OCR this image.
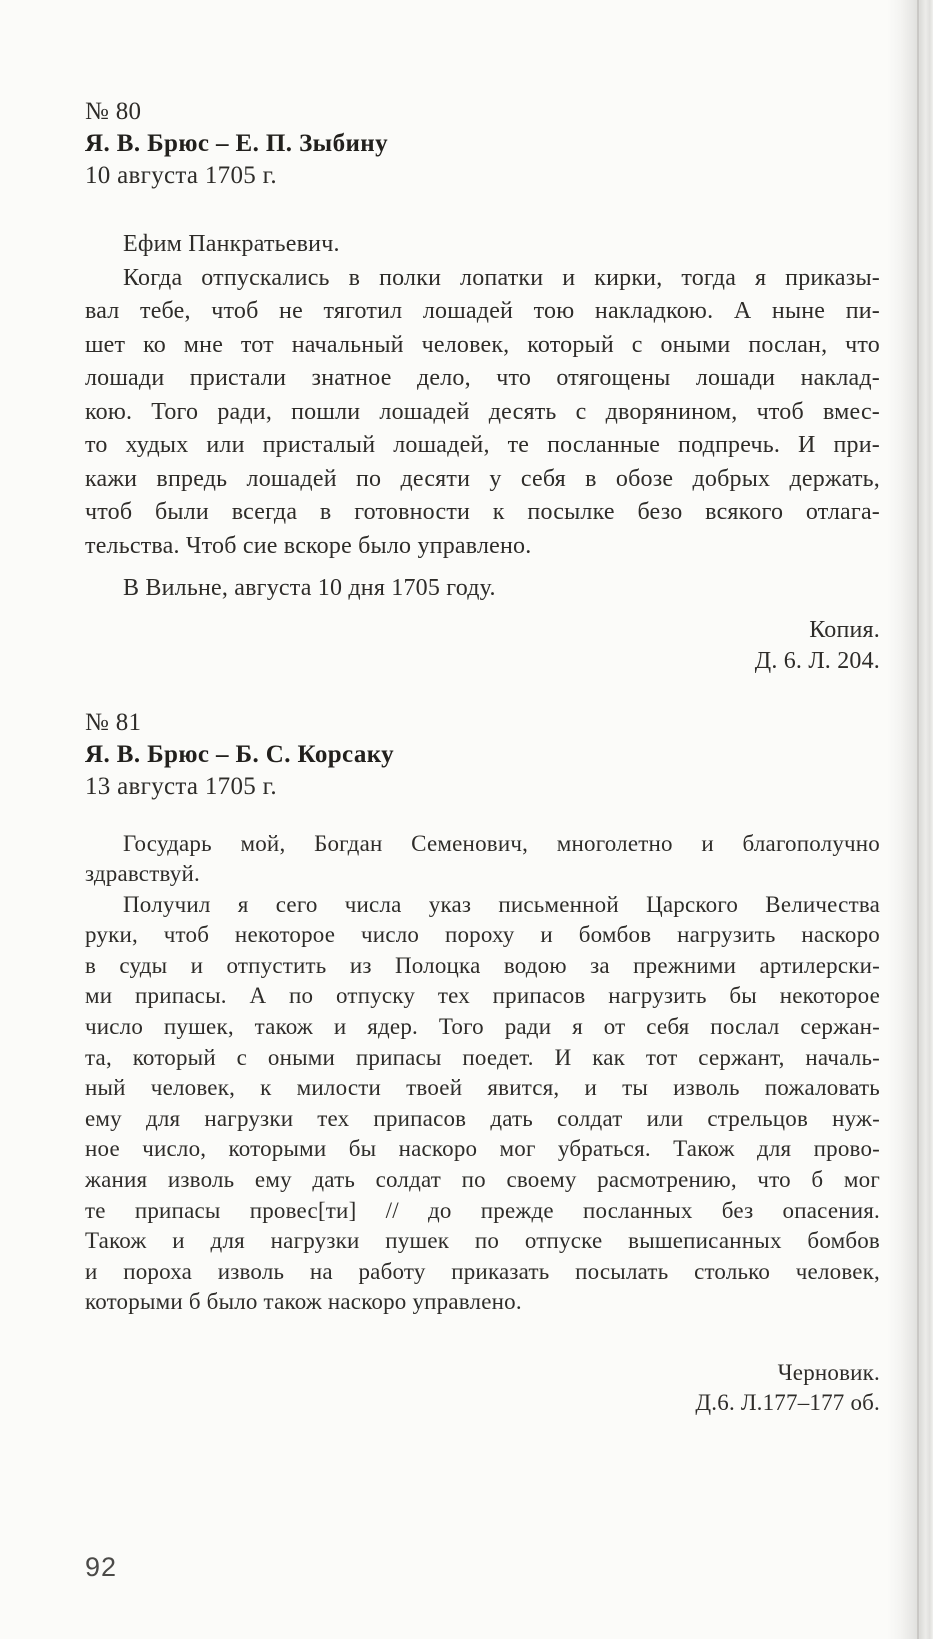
№ 80
Я. В. Брюс – Е. П. Зыбину
10 августа 1705 г.
Ефим Панкратьевич.
Когда отпускались в полки лопатки и кирки, тогда я приказы-
вал тебе, чтоб не тяготил лошадей тою накладкою. А ныне пи-
шет ко мне тот начальный человек, который с оными послан, что
лошади пристали знатное дело, что отягощены лошади наклад-
кою. Того ради, пошли лошадей десять с дворянином, чтоб вмес-
то худых или присталый лошадей, те посланные подпречь. И при-
кажи впредь лошадей по десяти у себя в обозе добрых держать,
чтоб были всегда в готовности к посылке безо всякого отлага-
тельства. Чтоб сие вскоре было управлено.
В Вильне, августа 10 дня 1705 году.
Копия.
Д. 6. Л. 204.
№ 81
Я. В. Брюс – Б. С. Корсаку
13 августа 1705 г.
Государь мой, Богдан Семенович, многолетно и благополучно
здравствуй.
Получил я сего числа указ письменной Царского Величества
руки, чтоб некоторое число пороху и бомбов нагрузить наскоро
в суды и отпустить из Полоцка водою за прежними артилерски-
ми припасы. А по отпуску тех припасов нагрузить бы некоторое
число пушек, також и ядер. Того ради я от себя послал сержан-
та, который с оными припасы поедет. И как тот сержант, началь-
ный человек, к милости твоей явится, и ты изволь пожаловать
ему для нагрузки тех припасов дать солдат или стрельцов нуж-
ное число, которыми бы наскоро мог убраться. Також для прово-
жания изволь ему дать солдат по своему расмотрению, что б мог
те припасы провес[ти] // до прежде посланных без опасения.
Також и для нагрузки пушек по отпуске вышеписанных бомбов
и пороха изволь на работу приказать посылать столько человек,
которыми б было також наскоро управлено.
Черновик.
Д.6. Л.177–177 об.
92
